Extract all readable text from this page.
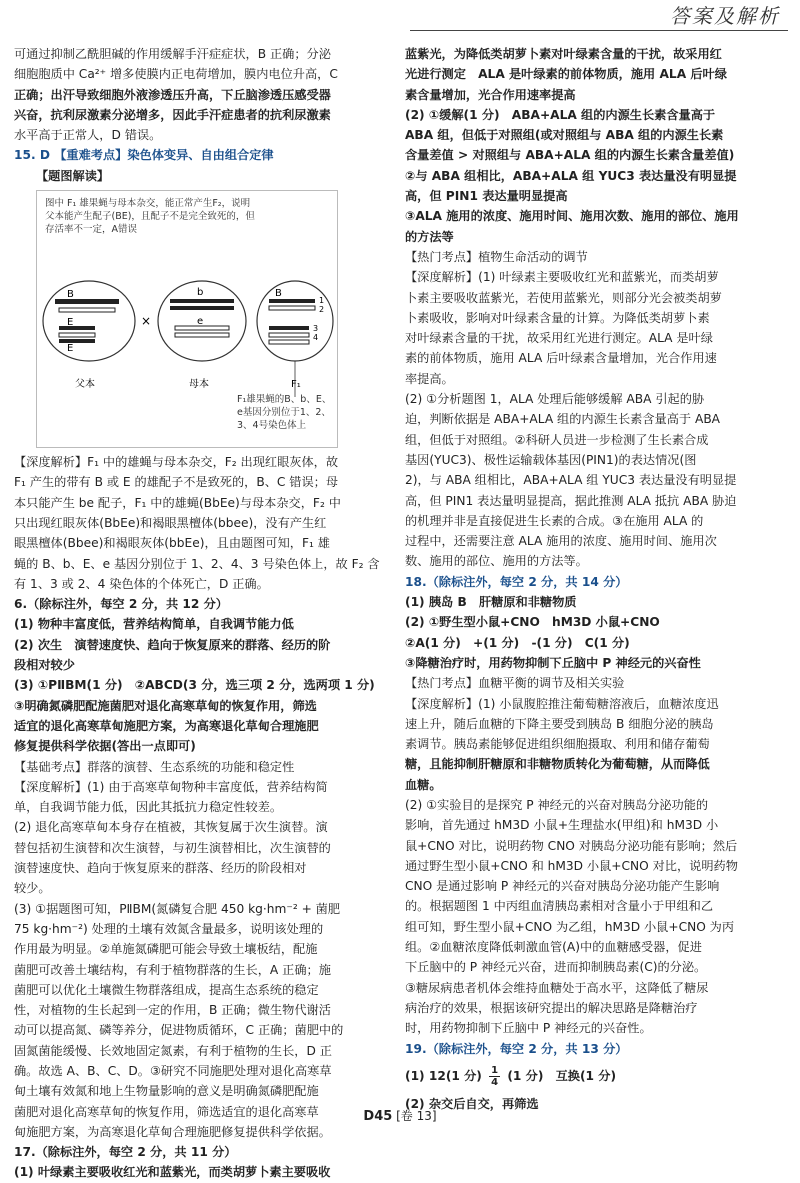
答案及解析

可通过抑制乙酰胆碱的作用缓解手汗症症状，B 正确；分泌

细胞胞质中 Ca²⁺ 增多使膜内正电荷增加，膜内电位升高，C

正确；出汗导致细胞外液渗透压升高，下丘脑渗透压感受器

兴奋，抗利尿激素分泌增多，因此手汗症患者的抗利尿激素

水平高于正常人，D 错误。

15. D 【重难考点】染色体变异、自由组合定律

【题图解读】

图中 F₁ 雄果蝇与母本杂交，能正常产生F₂，说明父本能产生配子(BE)，且配子不是完全致死的，但存活率不一定，A错误
B
E
E
×
b
e
B
1
2
3
4
父本	母本	F₁
F₁雄果蝇的B、b、E、e基因分别位于1、2、3、4号染色体上

【深度解析】F₁ 中的雄蝇与母本杂交，F₂ 出现红眼灰体，故

F₁ 产生的带有 B 或 E 的雄配子不是致死的，B、C 错误；母

本只能产生 be 配子，F₁ 中的雄蝇(BbEe)与母本杂交，F₂ 中

只出现红眼灰体(BbEe)和褐眼黑檀体(bbee)，没有产生红

眼黑檀体(Bbee)和褐眼灰体(bbEe)，且由题图可知，F₁ 雄

蝇的 B、b、E、e 基因分别位于 1、2、4、3 号染色体上，故 F₂ 含

有 1、3 或 2、4 染色体的个体死亡，D 正确。

6.（除标注外，每空 2 分，共 12 分）

(1) 物种丰富度低，营养结构简单，自我调节能力低

(2) 次生　演替速度快、趋向于恢复原来的群落、经历的阶

段相对较少

(3) ①PⅡBM(1 分)　②ABCD(3 分，选三项 2 分，选两项 1 分)

③明确氮磷肥配施菌肥对退化高寒草甸的恢复作用，筛选

适宜的退化高寒草甸施肥方案，为高寒退化草甸合理施肥

修复提供科学依据(答出一点即可)

【基础考点】群落的演替、生态系统的功能和稳定性

【深度解析】(1) 由于高寒草甸物种丰富度低，营养结构简

单，自我调节能力低，因此其抵抗力稳定性较差。

(2) 退化高寒草甸本身存在植被，其恢复属于次生演替。演

替包括初生演替和次生演替，与初生演替相比，次生演替的

演替速度快、趋向于恢复原来的群落、经历的阶段相对

较少。

(3) ①据题图可知，PⅡBM(氮磷复合肥 450 kg·hm⁻² + 菌肥

75 kg·hm⁻²) 处理的土壤有效氮含量最多，说明该处理的

作用最为明显。②单施氮磷肥可能会导致土壤板结，配施

菌肥可改善土壤结构，有利于植物群落的生长，A 正确；施

菌肥可以优化土壤微生物群落组成，提高生态系统的稳定

性，对植物的生长起到一定的作用，B 正确；微生物代谢活

动可以提高氮、磷等养分，促进物质循环，C 正确；菌肥中的

固氮菌能缓慢、长效地固定氮素，有利于植物的生长，D 正

确。故选 A、B、C、D。③研究不同施肥处理对退化高寒草

甸土壤有效氮和地上生物量影响的意义是明确氮磷肥配施

菌肥对退化高寒草甸的恢复作用，筛选适宜的退化高寒草

甸施肥方案，为高寒退化草甸合理施肥修复提供科学依据。

17.（除标注外，每空 2 分，共 11 分）

(1) 叶绿素主要吸收红光和蓝紫光，而类胡萝卜素主要吸收

蓝紫光，为降低类胡萝卜素对叶绿素含量的干扰，故采用红

光进行测定　ALA 是叶绿素的前体物质，施用 ALA 后叶绿

素含量增加，光合作用速率提高

(2) ①缓解(1 分)　ABA+ALA 组的内源生长素含量高于

ABA 组，但低于对照组(或对照组与 ABA 组的内源生长素

含量差值 > 对照组与 ABA+ALA 组的内源生长素含量差值)

②与 ABA 组相比，ABA+ALA 组 YUC3 表达量没有明显提

高，但 PIN1 表达量明显提高

③ALA 施用的浓度、施用时间、施用次数、施用的部位、施用

的方法等

【热门考点】植物生命活动的调节

【深度解析】(1) 叶绿素主要吸收红光和蓝紫光，而类胡萝

卜素主要吸收蓝紫光，若使用蓝紫光，则部分光会被类胡萝

卜素吸收，影响对叶绿素含量的计算。为降低类胡萝卜素

对叶绿素含量的干扰，故采用红光进行测定。ALA 是叶绿

素的前体物质，施用 ALA 后叶绿素含量增加，光合作用速

率提高。

(2) ①分析题图 1，ALA 处理后能够缓解 ABA 引起的胁

迫，判断依据是 ABA+ALA 组的内源生长素含量高于 ABA

组，但低于对照组。②科研人员进一步检测了生长素合成

基因(YUC3)、极性运输载体基因(PIN1)的表达情况(图

2)，与 ABA 组相比，ABA+ALA 组 YUC3 表达量没有明显提

高，但 PIN1 表达量明显提高，据此推测 ALA 抵抗 ABA 胁迫

的机理并非是直接促进生长素的合成。③在施用 ALA 的

过程中，还需要注意 ALA 施用的浓度、施用时间、施用次

数、施用的部位、施用的方法等。

18.（除标注外，每空 2 分，共 14 分）

(1) 胰岛 B　肝糖原和非糖物质

(2) ①野生型小鼠+CNO　hM3D 小鼠+CNO

②A(1 分)　+(1 分)　-(1 分)　C(1 分)

③降糖治疗时，用药物抑制下丘脑中 P 神经元的兴奋性

【热门考点】血糖平衡的调节及相关实验

【深度解析】(1) 小鼠腹腔推注葡萄糖溶液后，血糖浓度迅

速上升，随后血糖的下降主要受到胰岛 B 细胞分泌的胰岛

素调节。胰岛素能够促进组织细胞摄取、利用和储存葡萄

糖，且能抑制肝糖原和非糖物质转化为葡萄糖，从而降低

血糖。

(2) ①实验目的是探究 P 神经元的兴奋对胰岛分泌功能的

影响，首先通过 hM3D 小鼠+生理盐水(甲组)和 hM3D 小

鼠+CNO 对比，说明药物 CNO 对胰岛分泌功能有影响；然后

通过野生型小鼠+CNO 和 hM3D 小鼠+CNO 对比，说明药物

CNO 是通过影响 P 神经元的兴奋对胰岛分泌功能产生影响

的。根据题图 1 中丙组血清胰岛素相对含量小于甲组和乙

组可知，野生型小鼠+CNO 为乙组，hM3D 小鼠+CNO 为丙

组。②血糖浓度降低刺激血管(A)中的血糖感受器，促进

下丘脑中的 P 神经元兴奋，进而抑制胰岛素(C)的分泌。

③糖尿病患者机体会维持血糖处于高水平，这降低了糖尿

病治疗的效果，根据该研究提出的解决思路是降糖治疗

时，用药物抑制下丘脑中 P 神经元的兴奋性。

19.（除标注外，每空 2 分，共 13 分）

(1) 12(1 分) $\frac{1}{4} (1$ 分)　互换(1 分)

(2) 杂交后自交，再筛选

D45 [卷 13]
